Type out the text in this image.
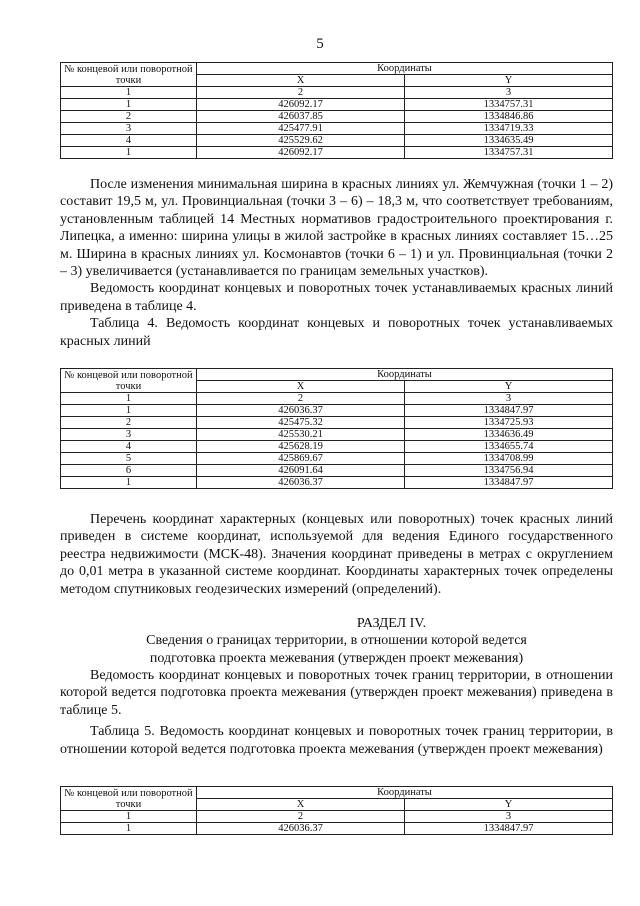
5
№ концевой или поворотной точки	Координаты	
	X	Y
1	2	3
1	426092.17	1334757.31
2	426037.85	1334846.86
3	425477.91	1334719.33
4	425529.62	1334635.49
1	426092.17	1334757.31

После изменения минимальная ширина в красных линиях ул. Жемчужная (точки 1 – 2) составит 19,5 м, ул. Провинциальная (точки 3 – 6) – 18,3 м, что соответствует требованиям, установленным таблицей 14 Местных нормативов градостроительного проектирования г. Липецка, а именно: ширина улицы в жилой застройке в красных линиях составляет 15…25 м. Ширина в красных линиях ул. Космонавтов (точки 6 – 1) и ул. Провинциальная (точки 2 – 3) увеличивается (устанавливается по границам земельных участков).

Ведомость координат концевых и поворотных точек устанавливаемых красных линий приведена в таблице 4.

Таблица 4. Ведомость координат концевых и поворотных точек устанавливаемых красных линий

№ концевой или поворотной точки	Координаты	
	X	Y
1	2	3
1	426036.37	1334847.97
2	425475.32	1334725.93
3	425530.21	1334636.49
4	425628.19	1334655.74
5	425869.67	1334708.99
6	426091.64	1334756.94
1	426036.37	1334847.97

Перечень координат характерных (концевых или поворотных) точек красных линий приведен в системе координат, используемой для ведения Единого государственного реестра недвижимости (МСК-48). Значения координат приведены в метрах с округлением до 0,01 метра в указанной системе координат. Координаты характерных точек определены методом спутниковых геодезических измерений (определений).

РАЗДЕЛ IV.
Сведения о границах территории, в отношении которой ведется
подготовка проекта межевания (утвержден проект межевания)

Ведомость координат концевых и поворотных точек границ территории, в отношении которой ведется подготовка проекта межевания (утвержден проект межевания) приведена в таблице 5.

Таблица 5. Ведомость координат концевых и поворотных точек границ территории, в отношении которой ведется подготовка проекта межевания (утвержден проект межевания)

№ концевой или поворотной точки	Координаты	
	X	Y
1	2	3
1	426036.37	1334847.97
